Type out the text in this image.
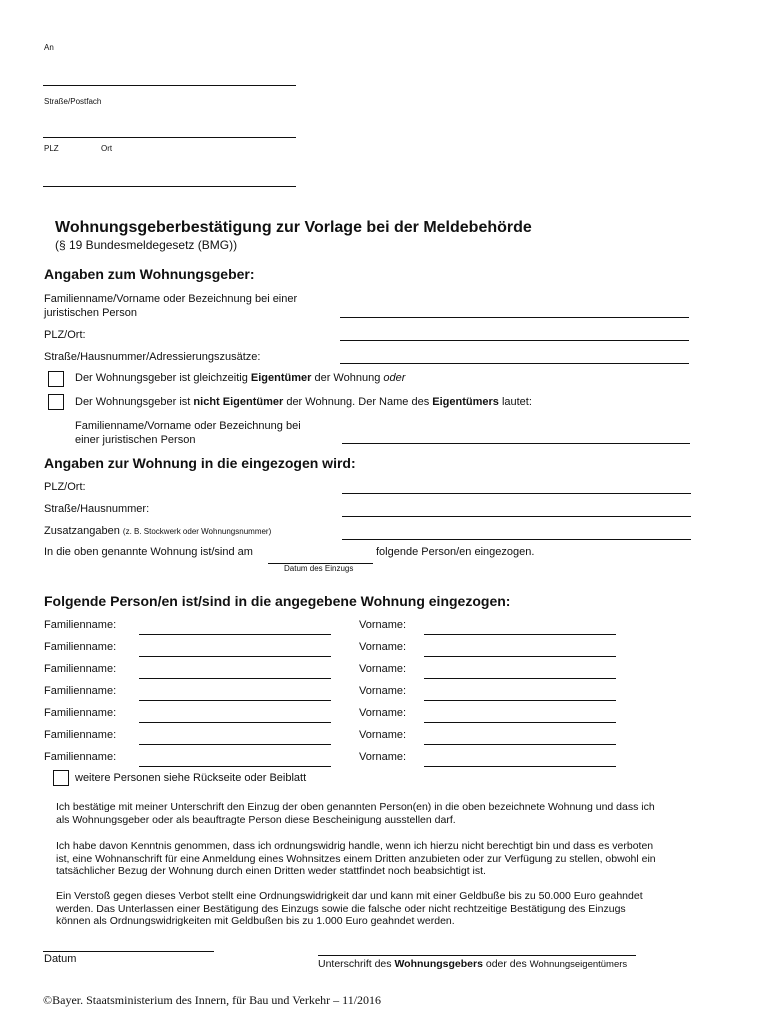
An
Straße/Postfach
PLZ	Ort
Wohnungsgeberbestätigung zur Vorlage bei der Meldebehörde
(§ 19 Bundesmeldegesetz (BMG))
Angaben zum Wohnungsgeber:
Familienname/Vorname oder Bezeichnung bei einer
juristischen Person
PLZ/Ort:
Straße/Hausnummer/Adressierungszusätze:
Der Wohnungsgeber ist gleichzeitig Eigentümer der Wohnung oder
Der Wohnungsgeber ist nicht Eigentümer der Wohnung. Der Name des Eigentümers lautet:
Familienname/Vorname oder Bezeichnung bei
einer juristischen Person
Angaben zur Wohnung in die eingezogen wird:
PLZ/Ort:
Straße/Hausnummer:
Zusatzangaben (z. B. Stockwerk oder Wohnungsnummer)
In die oben genannte Wohnung ist/sind am	folgende Person/en eingezogen.
Datum des Einzugs
Folgende Person/en ist/sind in die angegebene Wohnung eingezogen:
Familienname:	Vorname:
Familienname:	Vorname:
Familienname:	Vorname:
Familienname:	Vorname:
Familienname:	Vorname:
Familienname:	Vorname:
Familienname:	Vorname:
weitere Personen siehe Rückseite oder Beiblatt
Ich bestätige mit meiner Unterschrift den Einzug der oben genannten Person(en) in die oben bezeichnete Wohnung und dass ich
als Wohnungsgeber oder als beauftragte Person diese Bescheinigung ausstellen darf.
Ich habe davon Kenntnis genommen, dass ich ordnungswidrig handle, wenn ich hierzu nicht berechtigt bin und dass es verboten
ist, eine Wohnanschrift für eine Anmeldung eines Wohnsitzes einem Dritten anzubieten oder zur Verfügung zu stellen, obwohl ein
tatsächlicher Bezug der Wohnung durch einen Dritten weder stattfindet noch beabsichtigt ist.
Ein Verstoß gegen dieses Verbot stellt eine Ordnungswidrigkeit dar und kann mit einer Geldbuße bis zu 50.000 Euro geahndet
werden. Das Unterlassen einer Bestätigung des Einzugs sowie die falsche oder nicht rechtzeitige Bestätigung des Einzugs
können als Ordnungswidrigkeiten mit Geldbußen bis zu 1.000 Euro geahndet werden.
Datum	Unterschrift des Wohnungsgebers oder des Wohnungseigentümers
©Bayer. Staatsministerium des Innern, für Bau und Verkehr – 11/2016
